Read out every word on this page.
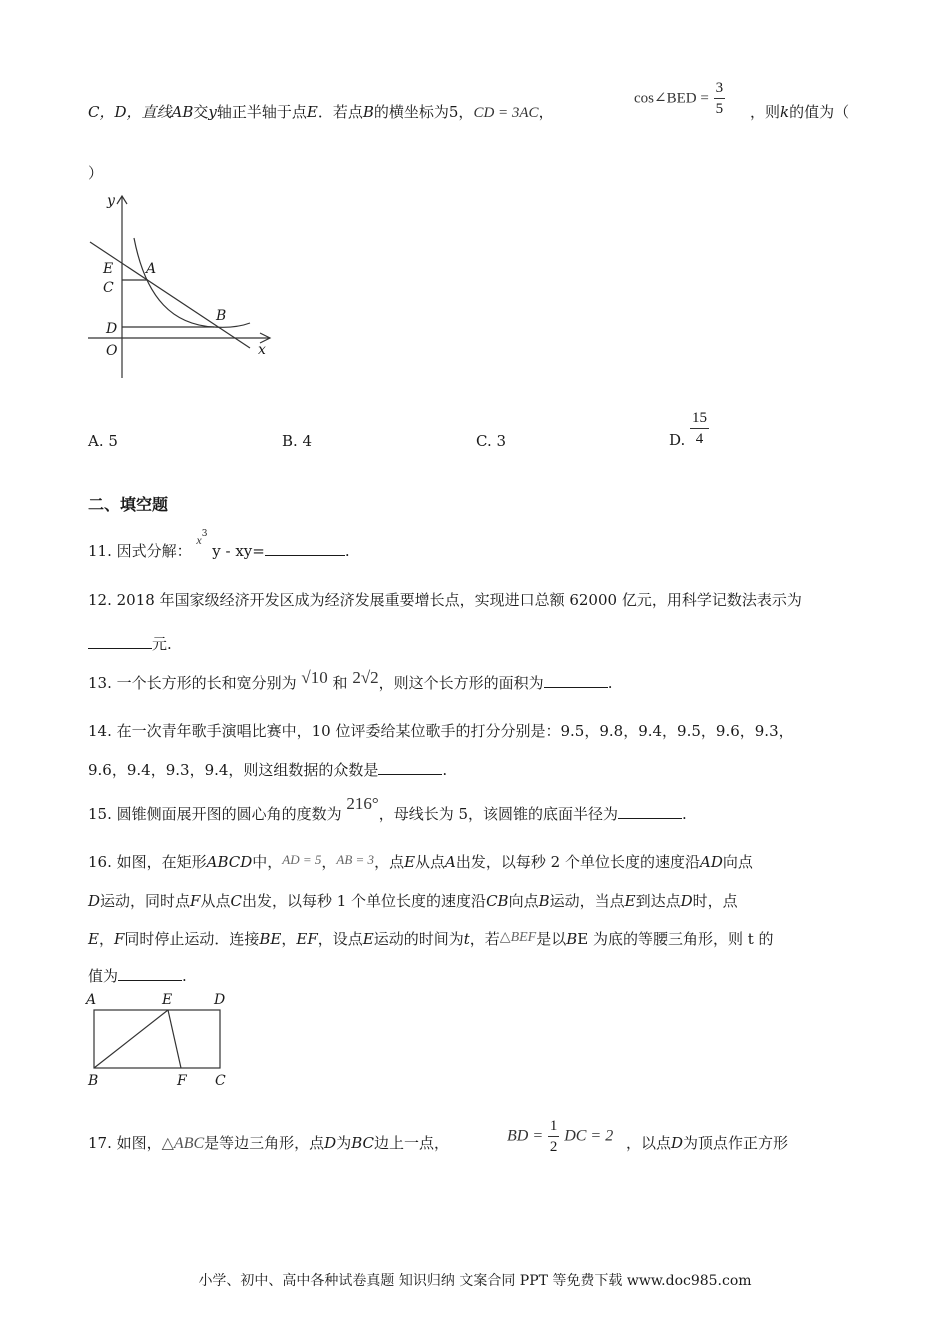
C，D，直线AB交y轴正半轴于点E．若点B的横坐标为5，CD = 3AC，
cos∠BED = $\frac{3}{5}$ ，则k的值为（
）
y
x
E A
C
D
O
B
A. 5	B. 4	C. 3	D. $\frac{15}{4}$
二、填空题
11. 因式分解： $^{x3}$ y - xy=	.
12. 2018 年国家级经济开发区成为经济发展重要增长点，实现进口总额 62000 亿元，用科学记数法表示为
元.
13. 一个长方形的长和宽分别为 √10 和 2√2，则这个长方形的面积为	.
14. 在一次青年歌手演唱比赛中，10 位评委给某位歌手的打分分别是：9.5，9.8，9.4，9.5，9.6，9.3，
9.6，9.4，9.3，9.4，则这组数据的众数是	.
15. 圆锥侧面展开图的圆心角的度数为 216°，母线长为 5，该圆锥的底面半径为	.
16. 如图，在矩形ABCD中，AD = 5，AB = 3，点E从点A出发，以每秒 2 个单位长度的速度沿AD向点
D运动，同时点F从点C出发，以每秒 1 个单位长度的速度沿CB向点B运动，当点E到达点D时，点
E，F同时停止运动．连接BE，EF，设点E运动的时间为t，若△BEF是以BE 为底的等腰三角形，则 t 的
值为	.
A	E	D
B	F C
17. 如图，△ABC是等边三角形，点D为BC边上一点，	BD = $\frac{1}{2}$ DC = 2 ，以点D为顶点作正方形
小学、初中、高中各种试卷真题 知识归纳 文案合同 PPT 等免费下载 www.doc985.com
